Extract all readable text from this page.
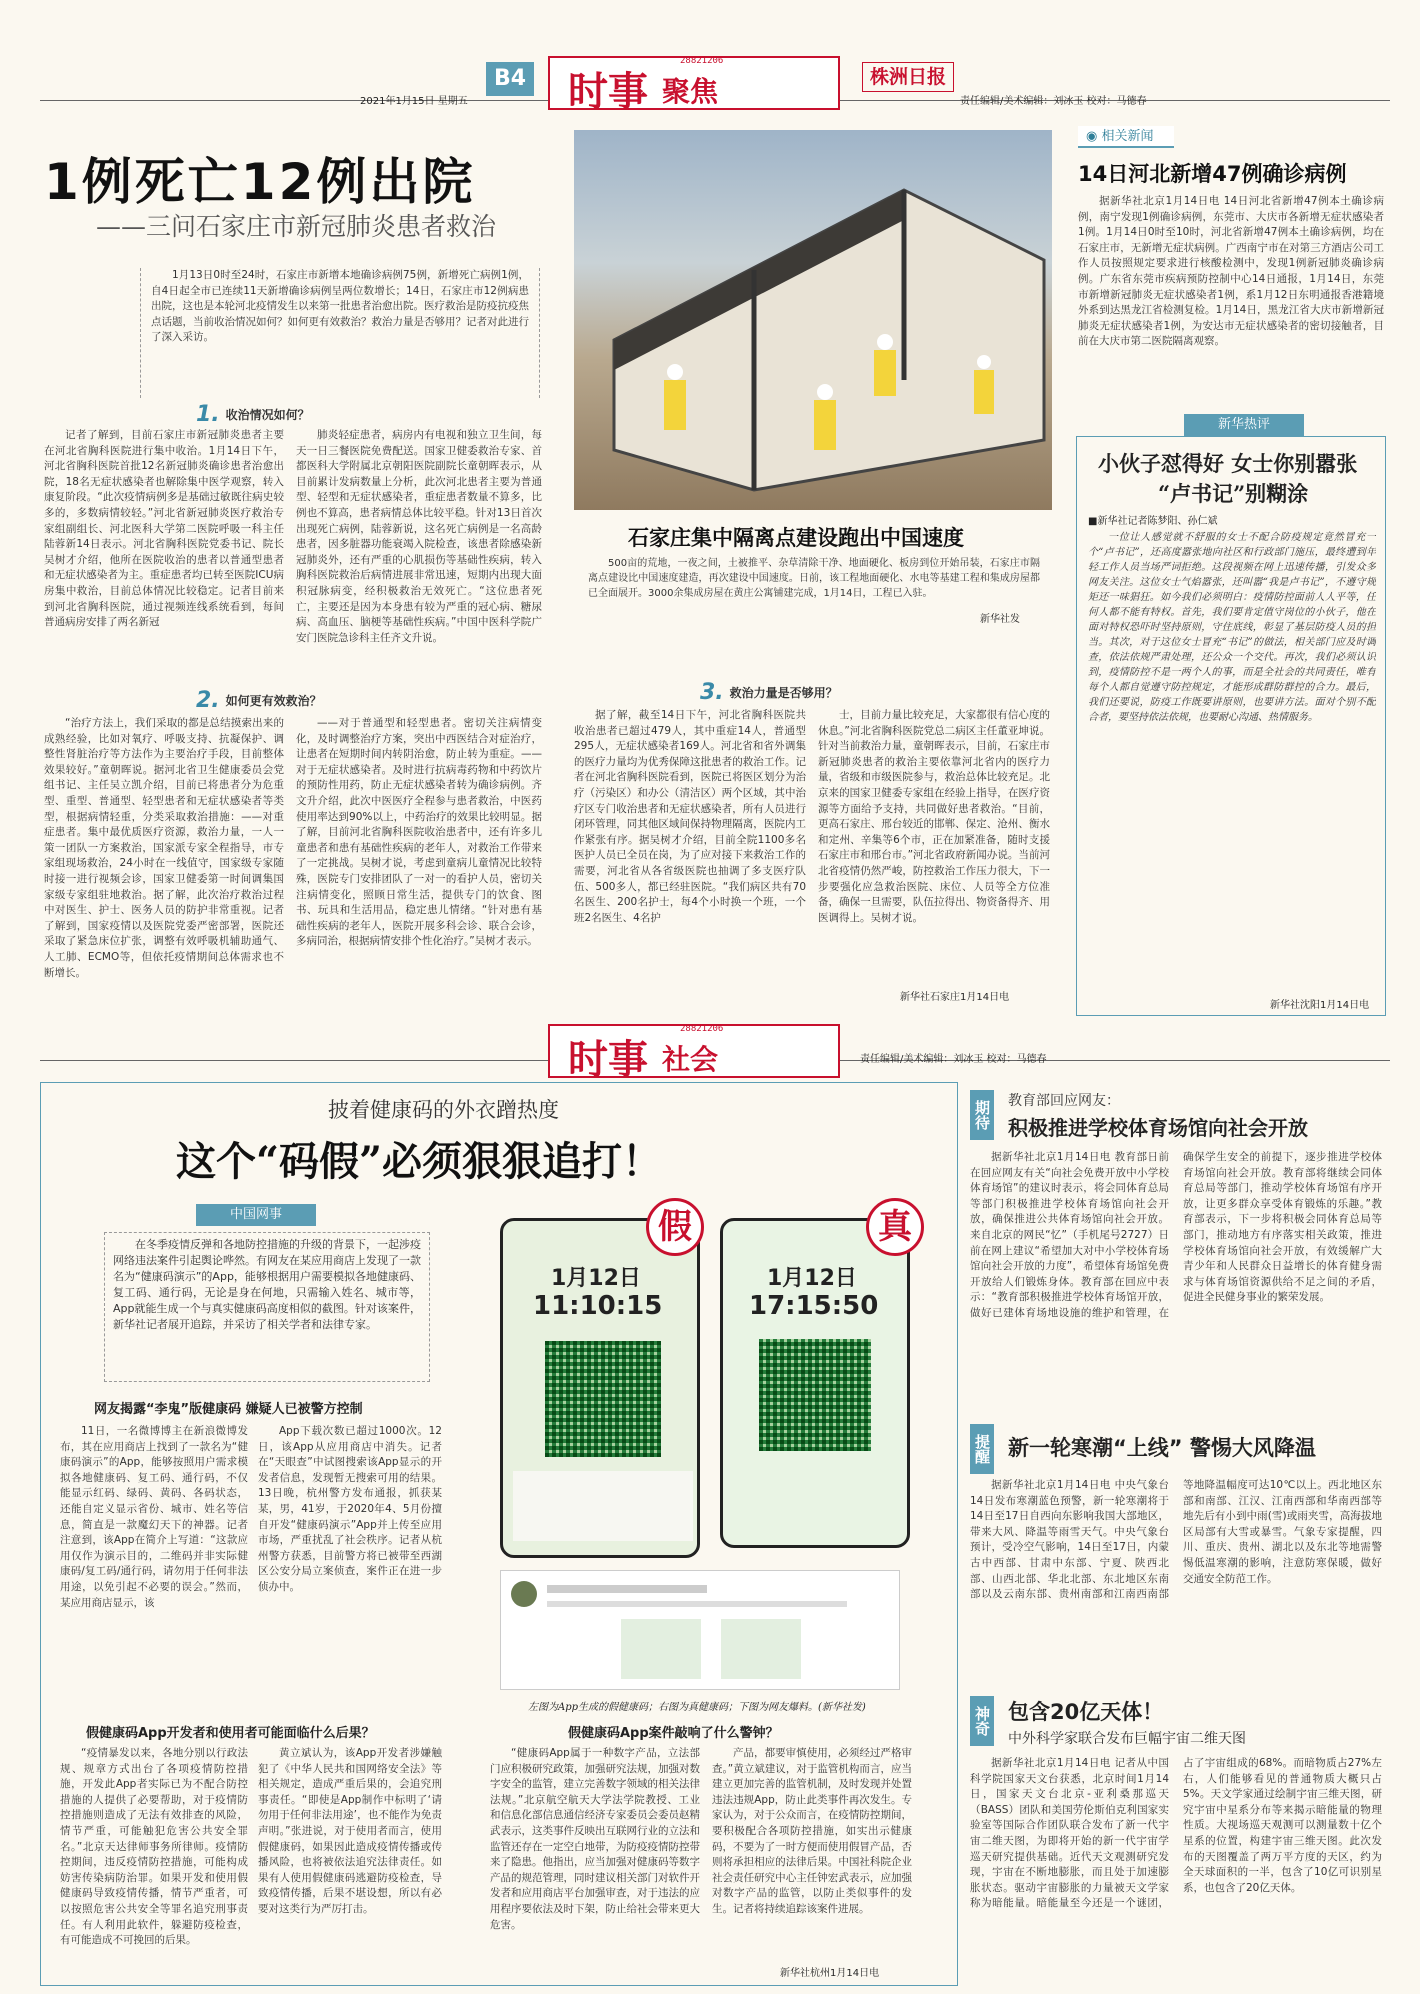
B4
2021年1月15日 星期五	时事 聚焦
28821206
株洲日报
责任编辑/美术编辑：刘冰玉 校对：马德春
1例死亡12例出院
——三问石家庄市新冠肺炎患者救治

1月13日0时至24时，石家庄市新增本地确诊病例75例，新增死亡病例1例，自4日起全市已连续11天新增确诊病例呈两位数增长；14日，石家庄市12例病患出院，这也是本轮河北疫情发生以来第一批患者治愈出院。医疗救治是防疫抗疫焦点话题，当前收治情况如何？如何更有效救治？救治力量是否够用？记者对此进行了深入采访。

1. 收治情况如何？

记者了解到，目前石家庄市新冠肺炎患者主要在河北省胸科医院进行集中收治。1月14日下午，河北省胸科医院首批12名新冠肺炎确诊患者治愈出院，18名无症状感染者也解除集中医学观察，转入康复阶段。“此次疫情病例多是基础过敏既往病史较多的，多数病情较轻。”河北省新冠肺炎医疗救治专家组副组长、河北医科大学第二医院呼吸一科主任陆蓉新14日表示。河北省胸科医院党委书记、院长吴树才介绍，他所在医院收治的患者以普通型患者和无症状感染者为主。重症患者均已转至医院ICU病房集中救治，目前总体情况比较稳定。记者目前来到河北省胸科医院，通过视频连线系统看到，每间普通病房安排了两名新冠

肺炎轻症患者，病房内有电视和独立卫生间，每天一日三餐医院免费配送。国家卫健委救治专家、首都医科大学附属北京朝阳医院副院长童朝晖表示，从目前累计发病数量上分析，此次河北患者主要为普通型、轻型和无症状感染者，重症患者数量不算多，比例也不算高，患者病情总体比较平稳。针对13日首次出现死亡病例，陆蓉新说，这名死亡病例是一名高龄患者，因多脏器功能衰竭入院检查，该患者除感染新冠肺炎外，还有严重的心肌损伤等基础性疾病，转入胸科医院救治后病情进展非常迅速，短期内出现大面积冠脉病变，经积极救治无效死亡。“这位患者死亡，主要还是因为本身患有较为严重的冠心病、糖尿病、高血压、脑梗等基础性疾病。”中国中医科学院广安门医院急诊科主任齐文升说。

2. 如何更有效救治？

“治疗方法上，我们采取的都是总结摸索出来的成熟经验，比如对氧疗、呼吸支持、抗凝保护、调整性肾脏治疗等方法作为主要治疗手段，目前整体效果较好。”童朝晖说。据河北省卫生健康委员会党组书记、主任吴立凯介绍，目前已将患者分为危重型、重型、普通型、轻型患者和无症状感染者等类型，根据病情轻重，分类采取救治措施：——对重症患者。集中最优质医疗资源，救治力量，一人一策一团队一方案救治，国家派专家全程指导，市专家组现场救治，24小时在一线值守，国家级专家随时接一进行视频会诊，国家卫健委第一时间调集国家级专家组驻地救治。据了解，此次治疗救治过程中对医生、护士、医务人员的防护非常重视。记者了解到，国家疫情以及医院党委严密部署，医院还采取了紧急床位扩张，调整有效呼吸机辅助通气、人工肺、ECMO等，但依托疫情期间总体需求也不断增长。

——对于普通型和轻型患者。密切关注病情变化，及时调整治疗方案，突出中西医结合对症治疗，让患者在短期时间内转阴治愈，防止转为重症。——对于无症状感染者。及时进行抗病毒药物和中药饮片的预防性用药，防止无症状感染者转为确诊病例。齐文升介绍，此次中医医疗全程参与患者救治，中医药使用率达到90%以上，中药治疗的效果比较明显。据了解，目前河北省胸科医院收治患者中，还有许多儿童患者和患有基础性疾病的老年人，对救治工作带来了一定挑战。吴树才说，考虑到童病儿童情况比较特殊，医院专门安排团队了一对一的看护人员，密切关注病情变化，照顾日常生活，提供专门的饮食、图书、玩具和生活用品，稳定患儿情绪。“针对患有基础性疾病的老年人，医院开展多科会诊、联合会诊，多病同治，根据病情安排个性化治疗。”吴树才表示。

石家庄集中隔离点建设跑出中国速度

500亩的荒地，一夜之间，土被推平、杂草清除干净、地面硬化、板房到位开始吊装，石家庄市隔离点建设比中国速度建造，再次建设中国速度。日前，该工程地面硬化、水电等基建工程和集成房屋都已全面展开。3000余集成房屋在黄庄公寓铺建完成，1月14日，工程已入驻。

新华社发
3. 救治力量是否够用？

据了解，截至14日下午，河北省胸科医院共收治患者已超过479人，其中重症14人，普通型295人，无症状感染者169人。河北省和省外调集的医疗力量均为优秀保障这批患者的救治工作。记者在河北省胸科医院看到，医院已将医区划分为治疗（污染区）和办公（清洁区）两个区域，其中治疗区专门收治患者和无症状感染者，所有人员进行闭环管理，同其他区域间保持物理隔离，医院内工作紧张有序。据吴树才介绍，目前全院1100多名医护人员已全员在岗，为了应对接下来救治工作的需要，河北省从各省级医院也抽调了多支医疗队伍、500多人，都已经驻医院。“我们病区共有70名医生、200名护士，每4个小时换一个班，一个班2名医生、4名护

士，目前力量比较充足，大家都很有信心度的休息。”河北省胸科医院党总二病区主任董亚坤说。针对当前救治力量，童朝晖表示，目前，石家庄市新冠肺炎患者的救治主要依靠河北省内的医疗力量，省级和市级医院参与，救治总体比较充足。北京来的国家卫健委专家组在经验上指导，在医疗资源等方面给予支持，共同做好患者救治。“目前，更高石家庄、邢台较近的邯郸、保定、沧州、衡水和定州、辛集等6个市，正在加紧准备，随时支援石家庄市和邢台市。”河北省政府新闻办说。当前河北省疫情仍然严峻，防控救治工作压力很大，下一步要强化应急救治医院、床位、人员等全方位准备，确保一旦需要，队伍拉得出、物资备得齐、用医调得上。吴树才说。

新华社石家庄1月14日电
◉ 相关新闻
14日河北新增47例确诊病例

据新华社北京1月14日电 14日河北省新增47例本土确诊病例，南宁发现1例确诊病例，东莞市、大庆市各新增无症状感染者1例。1月14日0时至10时，河北省新增47例本土确诊病例，均在石家庄市，无新增无症状病例。广西南宁市在对第三方酒店公司工作人员按照规定要求进行核酸检测中，发现1例新冠肺炎确诊病例。广东省东莞市疾病预防控制中心14日通报，1月14日，东莞市新增新冠肺炎无症状感染者1例，系1月12日东明通报香港籍境外系到达黑龙江省检测复检。1月14日，黑龙江省大庆市新增新冠肺炎无症状感染者1例，为安达市无症状感染者的密切接触者，目前在大庆市第二医院隔离观察。

新华热评
小伙子怼得好 女士你别嚣张
“卢书记”别糊涂
■新华社记者陈梦阳、孙仁斌

一位让人感觉就不舒服的女士不配合防疫规定竟然冒充一个“卢书记”，还高度嚣张地向社区和行政部门施压，最终遭到年轻工作人员当场严词拒绝。这段视频在网上迅速传播，引发众多网友关注。这位女士气焰嚣张，还叫嚣“我是卢书记”，不遵守规矩还一味猖狂。如今我们必须明白：疫情防控面前人人平等，任何人都不能有特权。首先，我们要肯定值守岗位的小伙子，他在面对特权恐吓时坚持原则，守住底线，彰显了基层防疫人员的担当。其次，对于这位女士冒充“书记”的做法，相关部门应及时调查，依法依规严肃处理，还公众一个交代。再次，我们必须认识到，疫情防控不是一两个人的事，而是全社会的共同责任，唯有每个人都自觉遵守防控规定，才能形成群防群控的合力。最后，我们还要说，防疫工作既要讲原则，也要讲方法。面对个别不配合者，要坚持依法依规，也要耐心沟通、热情服务。

新华社沈阳1月14日电
时事 社会
28821206
责任编辑/美术编辑：刘冰玉 校对：马德春
披着健康码的外衣蹭热度
这个“码假”必须狠狠追打！
中国网事

在冬季疫情反弹和各地防控措施的升级的背景下，一起涉疫网络违法案件引起舆论哗然。有网友在某应用商店上发现了一款名为“健康码演示”的App，能够根据用户需要模拟各地健康码、复工码、通行码，无论是身在何地，只需输入姓名、城市等，App就能生成一个与真实健康码高度相似的截图。针对该案件，新华社记者展开追踪，并采访了相关学者和法律专家。

网友揭露“李鬼”版健康码 嫌疑人已被警方控制

11日，一名微博博主在新浪微博发布，其在应用商店上找到了一款名为“健康码演示”的App，能够按照用户需求模拟各地健康码、复工码、通行码，不仅能显示红码、绿码、黄码、各码状态，还能自定义显示省份、城市、姓名等信息，简直是一款魔幻天下的神器。记者注意到，该App在简介上写道：“这款应用仅作为演示目的，二维码并非实际健康码/复工码/通行码，请勿用于任何非法用途，以免引起不必要的误会。”然而，某应用商店显示，该

App下载次数已超过1000次。12日，该App从应用商店中消失。记者在“天眼查”中试图搜索该App显示的开发者信息，发现暂无搜索可用的结果。13日晚，杭州警方发布通报，抓获某某，男，41岁，于2020年4、5月份擅自开发“健康码演示”App并上传至应用市场，严重扰乱了社会秩序。记者从杭州警方获悉，目前警方将已被带至西湖区公安分局立案侦查，案件正在进一步侦办中。

1月12日
11:10:15
假
1月12日
17:15:50
真
左图为App生成的假健康码；右图为真健康码；下图为网友爆料。(新华社发)
假健康码App开发者和使用者可能面临什么后果？

“疫情暴发以来，各地分别以行政法规、规章方式出台了各项疫情防控措施，开发此App者实际已为不配合防控措施的人提供了必要帮助，对于疫情防控措施则造成了无法有效排查的风险，情节严重，可能触犯危害公共安全罪名。”北京天达律师事务所律师。疫情防控期间，违反疫情防控措施，可能构成妨害传染病防治罪。如果开发和使用假健康码导致疫情传播，情节严重者，可以按照危害公共安全等罪名追究刑事责任。有人利用此软件，躲避防疫检查，有可能造成不可挽回的后果。

黄立斌认为，该App开发者涉嫌触犯了《中华人民共和国网络安全法》等相关规定，造成严重后果的，会追究刑事责任。“即使是App制作中标明了‘请勿用于任何非法用途’，也不能作为免责声明。”张进说，对于使用者而言，使用假健康码，如果因此造成疫情传播或传播风险，也将被依法追究法律责任。如果有人使用假健康码逃避防疫检查，导致疫情传播，后果不堪设想，所以有必要对这类行为严厉打击。

假健康码App案件敲响了什么警钟？

“健康码App属于一种数字产品，立法部门应积极研究政策，加强研究法规，加强对数字安全的监管，建立完善数字领域的相关法律法规。”北京航空航天大学法学院教授、工业和信息化部信息通信经济专家委员会委员赵精武表示，这类事件反映出互联网行业的立法和监管还存在一定空白地带，为防疫疫情防控带来了隐患。他指出，应当加强对健康码等数字产品的规范管理，同时建议相关部门对软件开发者和应用商店平台加强审查，对于违法的应用程序要依法及时下架，防止给社会带来更大危害。

产品，都要审慎使用，必须经过严格审查。”黄立斌建议，对于监管机构而言，应当建立更加完善的监管机制，及时发现并处置违法违规App，防止此类事件再次发生。专家认为，对于公众而言，在疫情防控期间，要积极配合各项防控措施，如实出示健康码，不要为了一时方便而使用假冒产品，否则将承担相应的法律后果。中国社科院企业社会责任研究中心主任钟宏武表示，应加强对数字产品的监管，以防止类似事件的发生。记者将持续追踪该案件进展。

新华社杭州1月14日电
期待 教育部回应网友：
积极推进学校体育场馆向社会开放

据新华社北京1月14日电 教育部日前在回应网友有关“向社会免费开放中小学校体育场馆”的建议时表示，将会同体育总局等部门积极推进学校体育场馆向社会开放，确保推进公共体育场馆向社会开放。来自北京的网民“忆”（手机尾号2727）日前在网上建议“希望加大对中小学校体育场馆向社会开放的力度”，希望体育场馆免费开放给人们锻炼身体。教育部在回应中表示：“教育部积极推进学校体育场馆开放，做好已建体育场地设施的维护和管理，在确保学生安全的前提下，逐步推进学校体育场馆向社会开放。教育部将继续会同体育总局等部门，推动学校体育场馆有序开放，让更多群众享受体育锻炼的乐趣。”教育部表示，下一步将积极会同体育总局等部门，推动地方有序落实相关政策，推进学校体育场馆向社会开放，有效缓解广大青少年和人民群众日益增长的体育健身需求与体育场馆资源供给不足之间的矛盾，促进全民健身事业的繁荣发展。

提醒 新一轮寒潮“上线” 警惕大风降温

据新华社北京1月14日电 中央气象台14日发布寒潮蓝色预警，新一轮寒潮将于14日至17日自西向东影响我国大部地区，带来大风、降温等雨雪天气。中央气象台预计，受冷空气影响，14日至17日，内蒙古中西部、甘肃中东部、宁夏、陕西北部、山西北部、华北北部、东北地区东南部以及云南东部、贵州南部和江南西南部等地降温幅度可达10℃以上。西北地区东部和南部、江汉、江南西部和华南西部等地先后有小到中雨(雪)或雨夹雪，高海拔地区局部有大雪或暴雪。气象专家提醒，四川、重庆、贵州、湖北以及东北等地需警惕低温寒潮的影响，注意防寒保暖，做好交通安全防范工作。

神奇 包含20亿天体！
中外科学家联合发布巨幅宇宙二维天图

据新华社北京1月14日电 记者从中国科学院国家天文台获悉，北京时间1月14日，国家天文台北京-亚利桑那巡天（BASS）团队和美国劳伦斯伯克利国家实验室等国际合作团队联合发布了新一代宇宙二维天图，为即将开始的新一代宇宙学巡天研究提供基础。近代天文观测研究发现，宇宙在不断地膨胀，而且处于加速膨胀状态。驱动宇宙膨胀的力量被天文学家称为暗能量。暗能量至今还是一个谜团，占了宇宙组成的68%。而暗物质占27%左右，人们能够看见的普通物质大概只占5%。天文学家通过绘制宇宙三维天图，研究宇宙中星系分布等来揭示暗能量的物理性质。大视场巡天观测可以测量数十亿个星系的位置，构建宇宙三维天图。此次发布的天图覆盖了两万平方度的天区，约为全天球面积的一半，包含了10亿可识别星系，也包含了20亿天体。
